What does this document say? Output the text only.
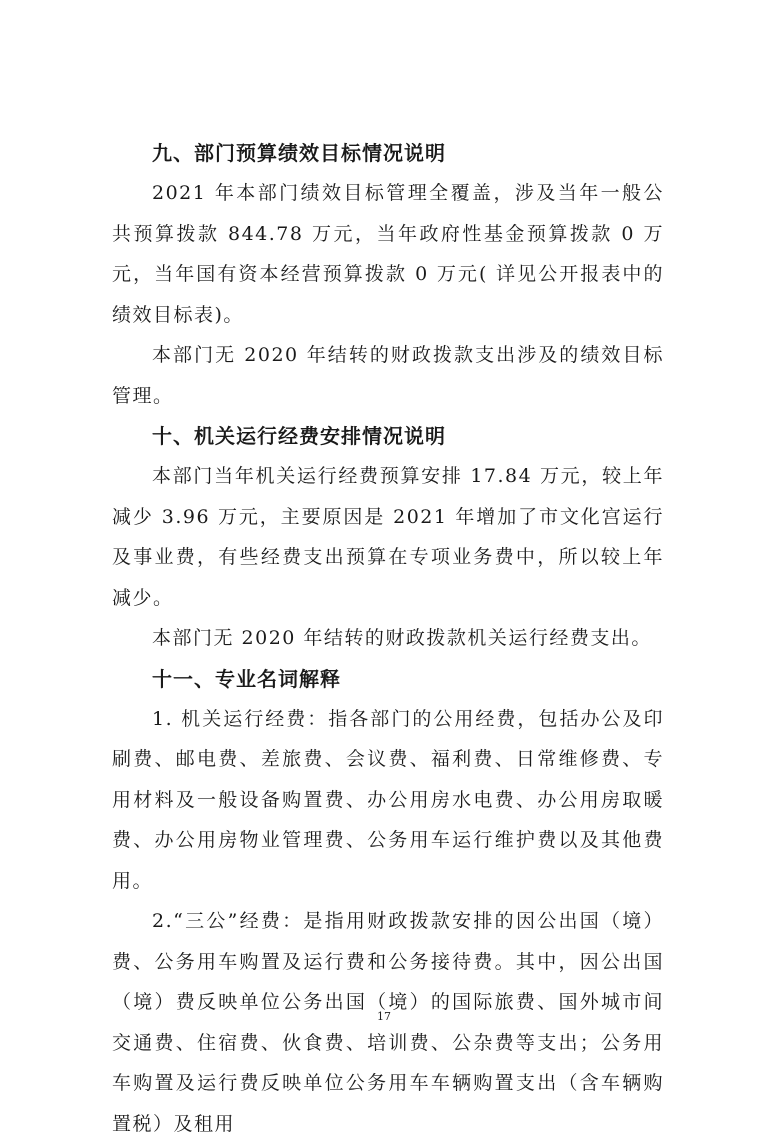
九、部门预算绩效目标情况说明

2021 年本部门绩效目标管理全覆盖，涉及当年一般公共预算拨款 844.78 万元，当年政府性基金预算拨款 0 万元，当年国有资本经营预算拨款 0 万元( 详见公开报表中的绩效目标表)。

本部门无 2020 年结转的财政拨款支出涉及的绩效目标管理。

十、机关运行经费安排情况说明

本部门当年机关运行经费预算安排 17.84 万元，较上年减少 3.96 万元，主要原因是 2021 年增加了市文化宫运行及事业费，有些经费支出预算在专项业务费中，所以较上年减少。

本部门无 2020 年结转的财政拨款机关运行经费支出。

十一、专业名词解释

1. 机关运行经费：指各部门的公用经费，包括办公及印刷费、邮电费、差旅费、会议费、福利费、日常维修费、专用材料及一般设备购置费、办公用房水电费、办公用房取暖费、办公用房物业管理费、公务用车运行维护费以及其他费用。

2.“三公”经费：是指用财政拨款安排的因公出国（境）费、公务用车购置及运行费和公务接待费。其中，因公出国（境）费反映单位公务出国（境）的国际旅费、国外城市间交通费、住宿费、伙食费、培训费、公杂费等支出；公务用车购置及运行费反映单位公务用车车辆购置支出（含车辆购置税）及租用

17
